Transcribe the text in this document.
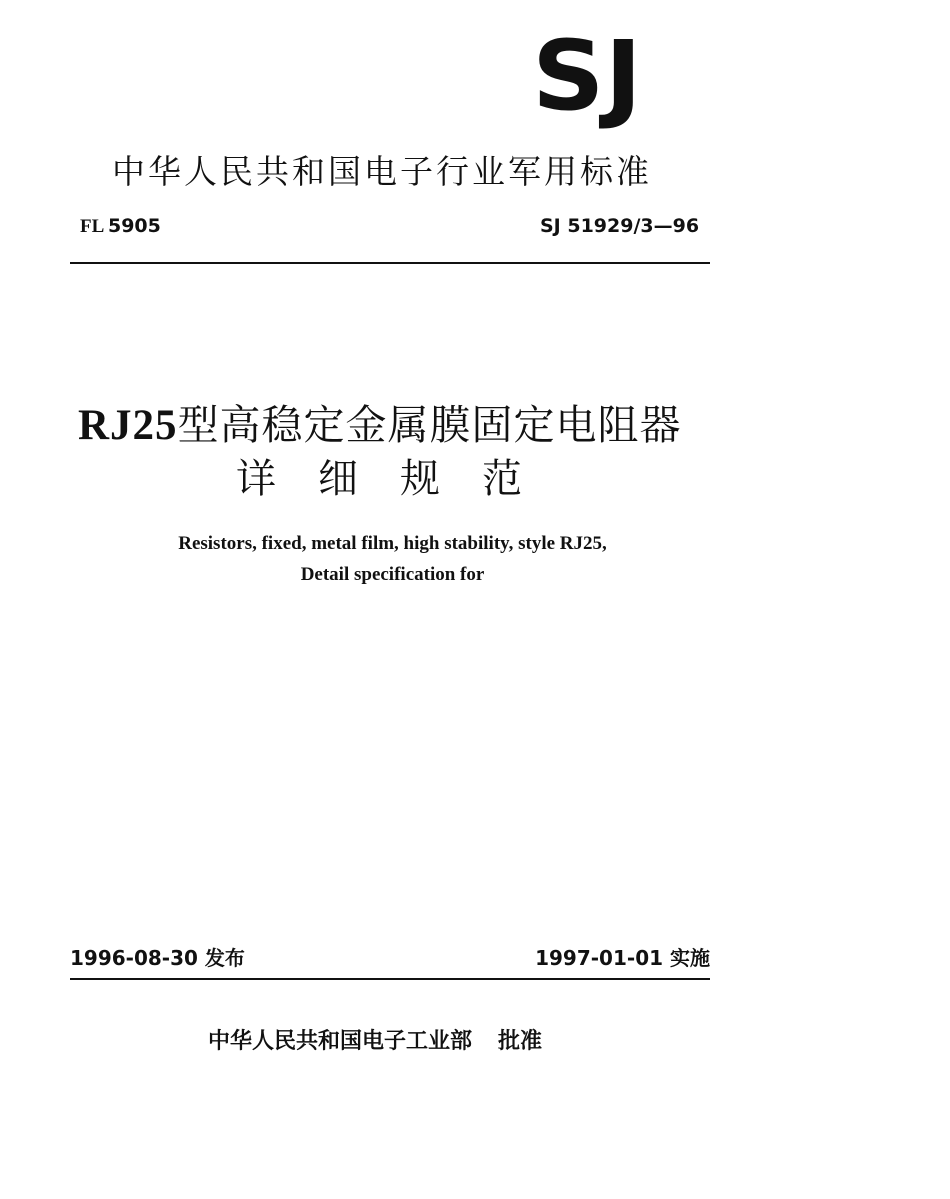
SJ
中华人民共和国电子行业军用标准
FL 5905	SJ 51929/3—96
RJ25型高稳定金属膜固定电阻器
详细规范
Resistors, fixed, metal film, high stability, style RJ25,
Detail specification for
1996-08-30 发布	1997-01-01 实施
中华人民共和国电子工业部 批准
